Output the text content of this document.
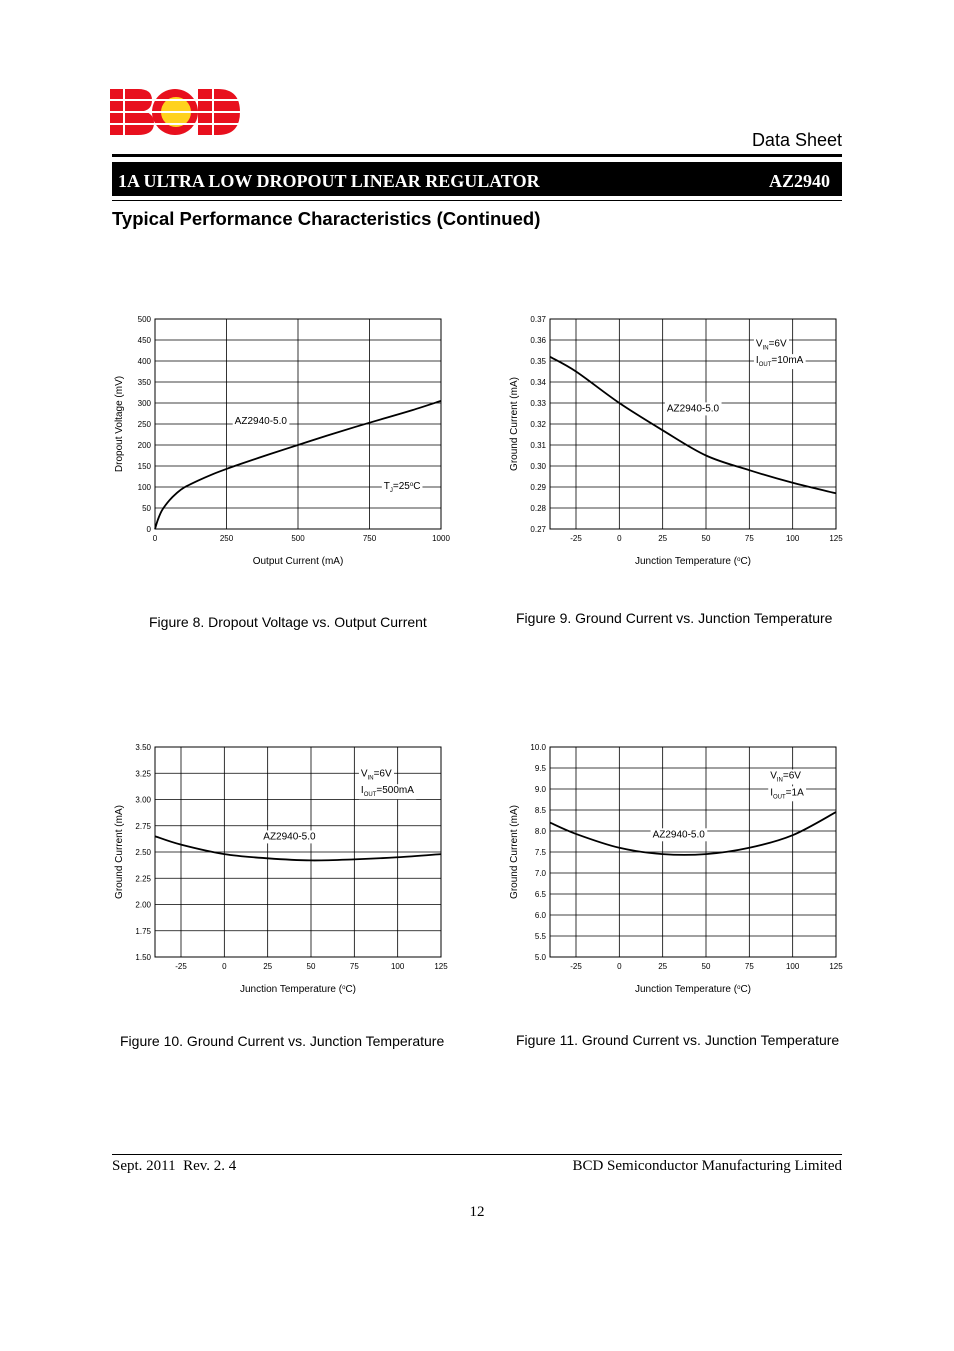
Data Sheet
1A ULTRA LOW DROPOUT LINEAR REGULATOR	AZ2940
Typical Performance Characteristics (Continued)
0
50
100
150
200
250
300
350
400
450
500
0	250	500	750	1000
Output Current (mA)
Dropout Voltage (mV)	AZ2940-5.0
$T_J=25^oC$
0.27
0.28
0.29
0.30
0.31
0.32
0.33
0.34
0.35
0.36
0.37
-25	0	25	50	75	100	125
Junction Temperature ($^o$C)
Ground Current (mA)	AZ2940-5.0
$V_{IN}=6V$
$I_{OUT}=10mA$
1.50
1.75
2.00
2.25
2.50
2.75
3.00
3.25
3.50
-25	0	25	50	75	100	125
Junction Temperature ($^o$C)
Ground Current (mA)	AZ2940-5.0
$V_{IN}=6V$
$I_{OUT}=500mA$
5.0
5.5
6.0
6.5
7.0
7.5
8.0
8.5
9.0
9.5
10.0
-25	0	25	50	75	100	125
Junction Temperature ($^o$C)
Ground Current (mA)	AZ2940-5.0
$V_{IN}=6V$
$I_{OUT}=1A$
Figure 8. Dropout Voltage vs. Output Current	Figure 9. Ground Current vs. Junction Temperature
Figure 10. Ground Current vs. Junction Temperature	Figure 11. Ground Current vs. Junction Temperature
Sept. 2011  Rev. 2. 4	BCD Semiconductor Manufacturing Limited
12
